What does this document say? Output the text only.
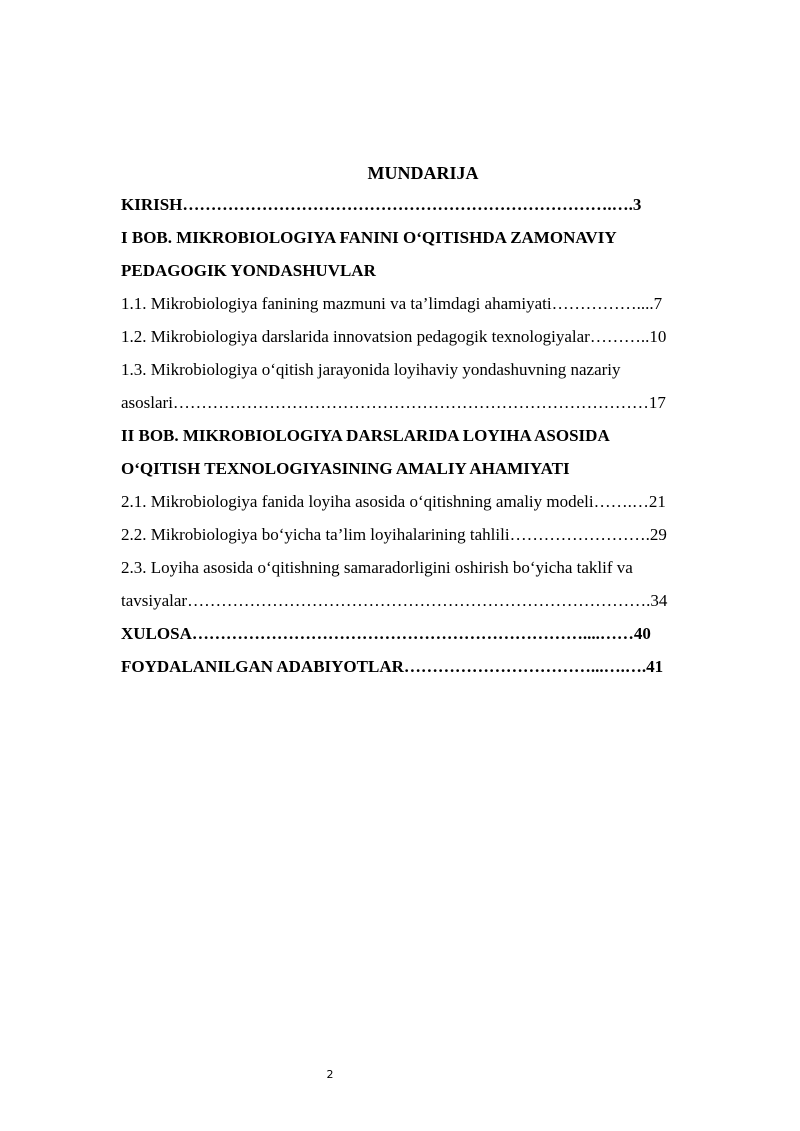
MUNDARIJA
KIRISH………………………………………………………………….….3
I BOB. MIKROBIOLOGIYA FANINI O‘QITISHDA ZAMONAVIY
PEDAGOGIK YONDASHUVLAR
1.1. Mikrobiologiya fanining mazmuni va ta’limdagi ahamiyati……………....7
1.2. Mikrobiologiya darslarida innovatsion pedagogik texnologiyalar………..10
1.3. Mikrobiologiya o‘qitish jarayonida loyihaviy yondashuvning nazariy
asoslari…………………………………………………………………………17
II BOB. MIKROBIOLOGIYA DARSLARIDA LOYIHA ASOSIDA
O‘QITISH TEXNOLOGIYASINING AMALIY AHAMIYATI
2.1. Mikrobiologiya fanida loyiha asosida o‘qitishning amaliy modeli…….…21
2.2. Mikrobiologiya bo‘yicha ta’lim loyihalarining tahlili…………………….29
2.3. Loyiha asosida o‘qitishning samaradorligini oshirish bo‘yicha taklif va
tavsiyalar……………………………………………………………………….34
XULOSA……………………………………………………………....……40
FOYDALANILGAN ADABIYOTLAR……………………………...….….41
2
